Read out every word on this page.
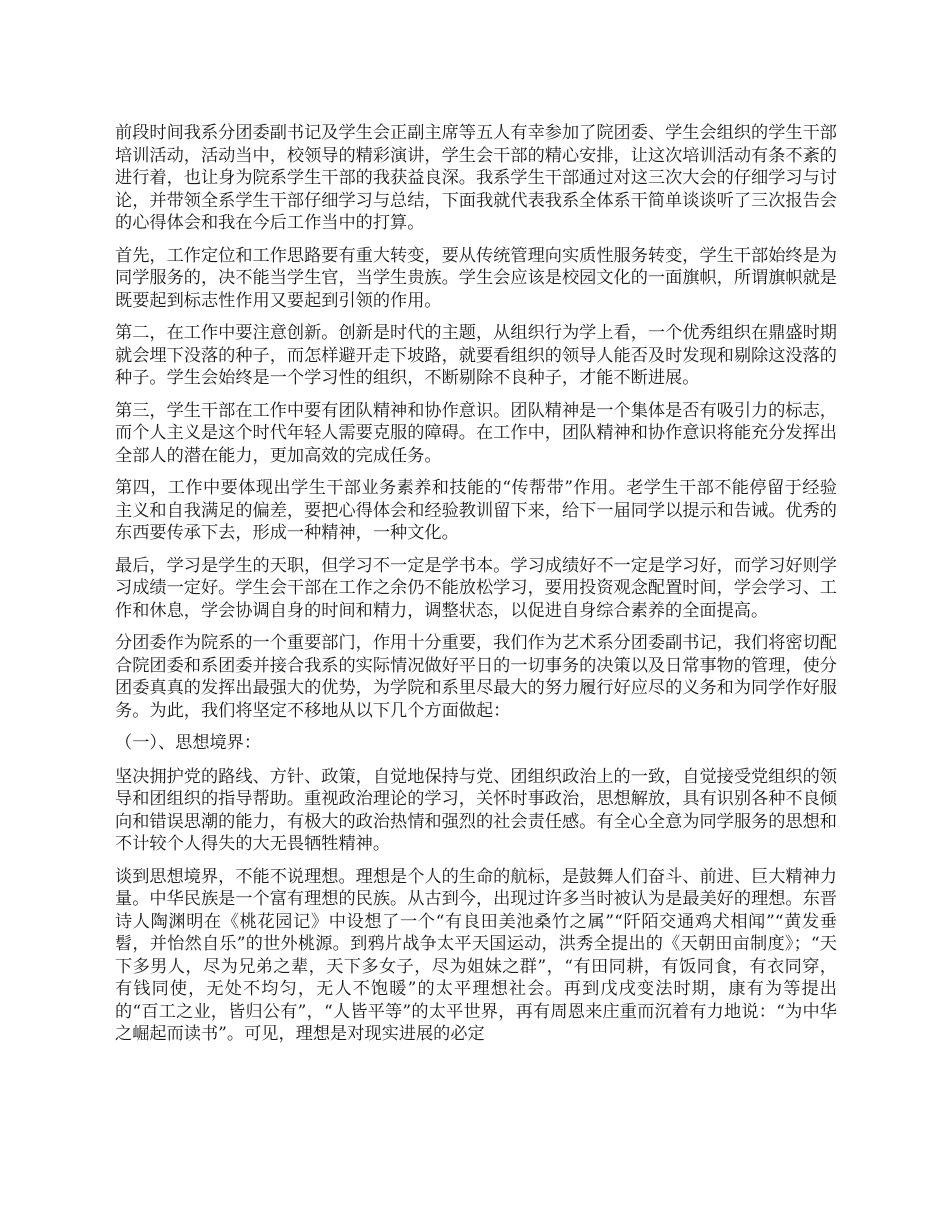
前段时间我系分团委副书记及学生会正副主席等五人有幸参加了院团委、学生会组织的学生干部培训活动，活动当中，校领导的精彩演讲，学生会干部的精心安排，让这次培训活动有条不紊的进行着，也让身为院系学生干部的我获益良深。我系学生干部通过对这三次大会的仔细学习与讨论，并带领全系学生干部仔细学习与总结，下面我就代表我系全体系干简单谈谈听了三次报告会的心得体会和我在今后工作当中的打算。

首先，工作定位和工作思路要有重大转变，要从传统管理向实质性服务转变，学生干部始终是为同学服务的，决不能当学生官，当学生贵族。学生会应该是校园文化的一面旗帜，所谓旗帜就是既要起到标志性作用又要起到引领的作用。

第二，在工作中要注意创新。创新是时代的主题，从组织行为学上看，一个优秀组织在鼎盛时期就会埋下没落的种子，而怎样避开走下坡路，就要看组织的领导人能否及时发现和剔除这没落的种子。学生会始终是一个学习性的组织，不断剔除不良种子，才能不断进展。

第三，学生干部在工作中要有团队精神和协作意识。团队精神是一个集体是否有吸引力的标志，而个人主义是这个时代年轻人需要克服的障碍。在工作中，团队精神和协作意识将能充分发挥出全部人的潜在能力，更加高效的完成任务。

第四，工作中要体现出学生干部业务素养和技能的“传帮带”作用。老学生干部不能停留于经验主义和自我满足的偏差，要把心得体会和经验教训留下来，给下一届同学以提示和告诫。优秀的东西要传承下去，形成一种精神，一种文化。

最后，学习是学生的天职，但学习不一定是学书本。学习成绩好不一定是学习好，而学习好则学习成绩一定好。学生会干部在工作之余仍不能放松学习，要用投资观念配置时间，学会学习、工作和休息，学会协调自身的时间和精力，调整状态，以促进自身综合素养的全面提高。

分团委作为院系的一个重要部门，作用十分重要，我们作为艺术系分团委副书记，我们将密切配合院团委和系团委并接合我系的实际情况做好平日的一切事务的决策以及日常事物的管理，使分团委真真的发挥出最强大的优势，为学院和系里尽最大的努力履行好应尽的义务和为同学作好服务。为此，我们将坚定不移地从以下几个方面做起：

（一）、思想境界：

坚决拥护党的路线、方针、政策，自觉地保持与党、团组织政治上的一致，自觉接受党组织的领导和团组织的指导帮助。重视政治理论的学习，关怀时事政治，思想解放，具有识别各种不良倾向和错误思潮的能力，有极大的政治热情和强烈的社会责任感。有全心全意为同学服务的思想和不计较个人得失的大无畏牺牲精神。

谈到思想境界，不能不说理想。理想是个人的生命的航标，是鼓舞人们奋斗、前进、巨大精神力量。中华民族是一个富有理想的民族。从古到今，出现过许多当时被认为是最美好的理想。东晋诗人陶渊明在《桃花园记》中设想了一个“有良田美池桑竹之属”“阡陌交通鸡犬相闻”“黄发垂髫，并怡然自乐”的世外桃源。到鸦片战争太平天国运动，洪秀全提出的《天朝田亩制度》；“天下多男人，尽为兄弟之辈，天下多女子，尽为姐妹之群”，“有田同耕，有饭同食，有衣同穿，有钱同使，无处不均匀，无人不饱暖”的太平理想社会。再到戊戌变法时期，康有为等提出的“百工之业，皆归公有”，“人皆平等”的太平世界，再有周恩来庄重而沉着有力地说：“为中华之崛起而读书”。可见，理想是对现实进展的必定
